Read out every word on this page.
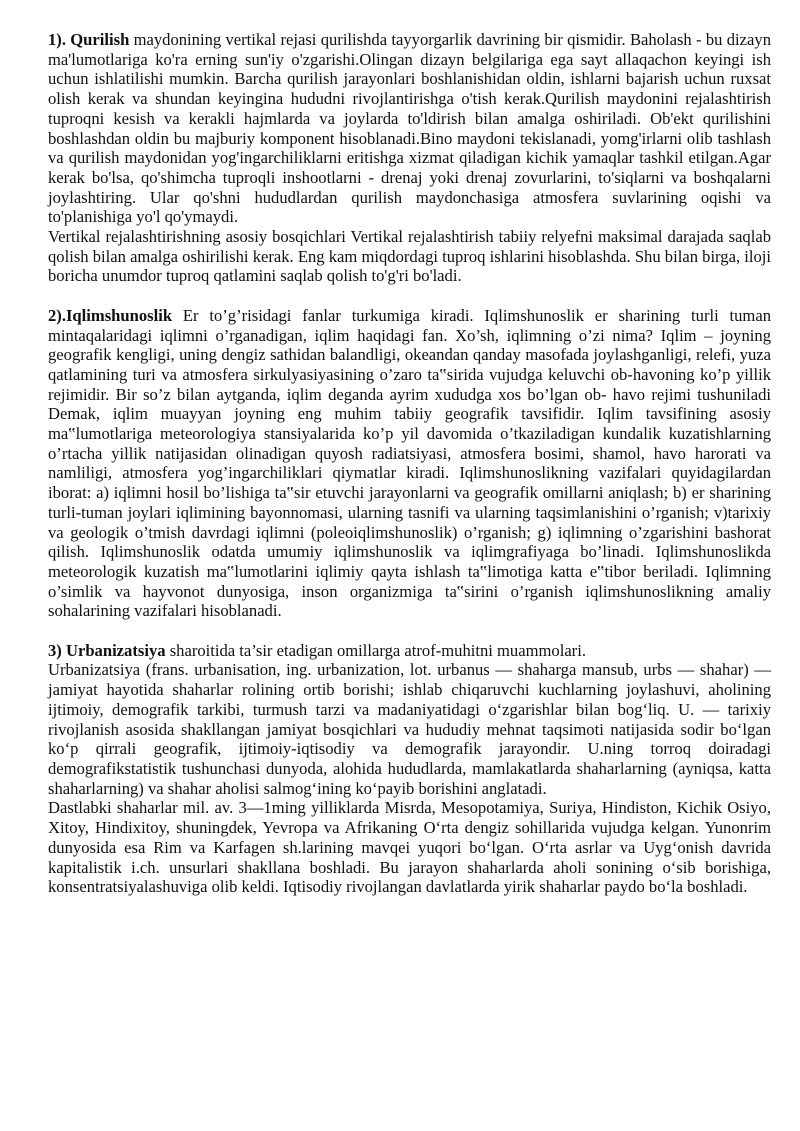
1). Qurilish maydonining vertikal rejasi qurilishda tayyorgarlik davrining bir qismidir. Baholash - bu dizayn ma'lumotlariga ko'ra erning sun'iy o'zgarishi.Olingan dizayn belgilariga ega sayt allaqachon keyingi ish uchun ishlatilishi mumkin. Barcha qurilish jarayonlari boshlanishidan oldin, ishlarni bajarish uchun ruxsat olish kerak va shundan keyingina hududni rivojlantirishga o'tish kerak.Qurilish maydonini rejalashtirish tuproqni kesish va kerakli hajmlarda va joylarda to'ldirish bilan amalga oshiriladi. Ob'ekt qurilishini boshlashdan oldin bu majburiy komponent hisoblanadi.Bino maydoni tekislanadi, yomg'irlarni olib tashlash va qurilish maydonidan yog'ingarchiliklarni eritishga xizmat qiladigan kichik yamaqlar tashkil etilgan.Agar kerak bo'lsa, qo'shimcha tuproqli inshootlarni - drenaj yoki drenaj zovurlarini, to'siqlarni va boshqalarni joylashtiring. Ular qo'shni hududlardan qurilish maydonchasiga atmosfera suvlarining oqishi va to'planishiga yo'l qo'ymaydi.

Vertikal rejalashtirishning asosiy bosqichlari Vertikal rejalashtirish tabiiy relyefni maksimal darajada saqlab qolish bilan amalga oshirilishi kerak. Eng kam miqdordagi tuproq ishlarini hisoblashda. Shu bilan birga, iloji boricha unumdor tuproq qatlamini saqlab qolish to'g'ri bo'ladi.

2).Iqlimshunoslik Er to’g’risidagi fanlar turkumiga kiradi. Iqlimshunoslik er sharining turli tuman mintaqalaridagi iqlimni o’rganadigan, iqlim haqidagi fan. Xo’sh, iqlimning o’zi nima? Iqlim – joyning geografik kengligi, uning dengiz sathidan balandligi, okeandan qanday masofada joylashganligi, relefi, yuza qatlamining turi va atmosfera sirkulyasiyasining o’zaro ta‟sirida vujudga keluvchi ob-havoning ko’p yillik rejimidir. Bir so’z bilan aytganda, iqlim deganda ayrim xududga xos bo’lgan ob- havo rejimi tushuniladi Demak, iqlim muayyan joyning eng muhim tabiiy geografik tavsifidir. Iqlim tavsifining asosiy ma‟lumotlariga meteorologiya stansiyalarida ko’p yil davomida o’tkaziladigan kundalik kuzatishlarning o’rtacha yillik natijasidan olinadigan quyosh radiatsiyasi, atmosfera bosimi, shamol, havo harorati va namliligi, atmosfera yog’ingarchiliklari qiymatlar kiradi. Iqlimshunoslikning vazifalari quyidagilardan iborat: a) iqlimni hosil bo’lishiga ta‟sir etuvchi jarayonlarni va geografik omillarni aniqlash; b) er sharining turli-tuman joylari iqlimining bayonnomasi, ularning tasnifi va ularning taqsimlanishini o’rganish; v)tarixiy va geologik o’tmish davrdagi iqlimni (poleoiqlimshunoslik) o’rganish; g) iqlimning o’zgarishini bashorat qilish. Iqlimshunoslik odatda umumiy iqlimshunoslik va iqlimgrafiyaga bo’linadi. Iqlimshunoslikda meteorologik kuzatish ma‟lumotlarini iqlimiy qayta ishlash ta‟limotiga katta e‟tibor beriladi. Iqlimning o’simlik va hayvonot dunyosiga, inson organizmiga ta‟sirini o’rganish iqlimshunoslikning amaliy sohalarining vazifalari hisoblanadi.

3) Urbanizatsiya sharoitida ta’sir etadigan omillarga atrof-muhitni muammolari.

Urbanizatsiya (frans. urbanisation, ing. urbanization, lot. urbanus — shaharga mansub, urbs — shahar) — jamiyat hayotida shaharlar rolining ortib borishi; ishlab chiqaruvchi kuchlarning joylashuvi, aholining ijtimoiy, demografik tarkibi, turmush tarzi va madaniyatidagi oʻzgarishlar bilan bogʻliq. U. — tarixiy rivojlanish asosida shakllangan jamiyat bosqichlari va hududiy mehnat taqsimoti natijasida sodir boʻlgan koʻp qirrali geografik, ijtimoiy-iqtisodiy va demografik jarayondir. U.ning torroq doiradagi demografikstatistik tushunchasi dunyoda, alohida hududlarda, mamlakatlarda shaharlarning (ayniqsa, katta shaharlarning) va shahar aholisi salmogʻining koʻpayib borishini anglatadi.

Dastlabki shaharlar mil. av. 3—1ming yilliklarda Misrda, Mesopotamiya, Suriya, Hindiston, Kichik Osiyo, Xitoy, Hindixitoy, shuningdek, Yevropa va Afrikaning Oʻrta dengiz sohillarida vujudga kelgan. Yunonrim dunyosida esa Rim va Karfagen sh.larining mavqei yuqori boʻlgan. Oʻrta asrlar va Uygʻonish davrida kapitalistik i.ch. unsurlari shakllana boshladi. Bu jarayon shaharlarda aholi sonining oʻsib borishiga, konsentratsiyalashuviga olib keldi. Iqtisodiy rivojlangan davlatlarda yirik shaharlar paydo boʻla boshladi.
